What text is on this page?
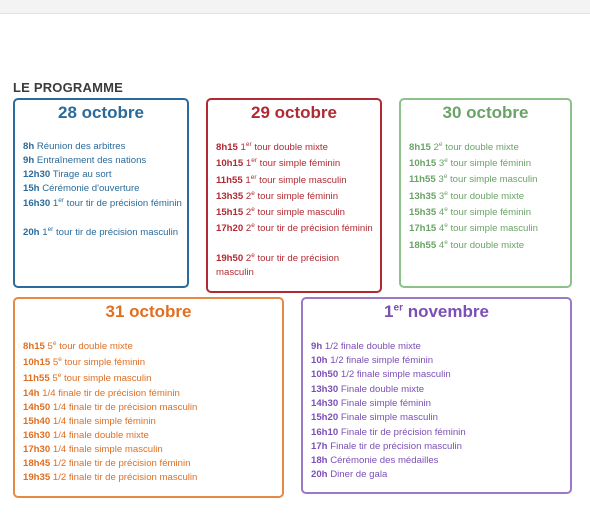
LE PROGRAMME
28 octobre
8h Réunion des arbitres
9h Entraînement des nations
12h30 Tirage au sort
15h Cérémonie d'ouverture
16h30 1er tour tir de précision féminin
20h 1er tour tir de précision masculin
29 octobre
8h15 1er tour double mixte
10h15 1er tour simple féminin
11h55 1er tour simple masculin
13h35 2e tour simple féminin
15h15 2e tour simple masculin
17h20 2e tour tir de précision féminin
19h50 2e tour tir de précision masculin
30 octobre
8h15 2e tour double mixte
10h15 3e tour simple féminin
11h55 3e tour simple masculin
13h35 3e tour double mixte
15h35 4e tour simple féminin
17h15 4e tour simple masculin
18h55 4e tour double mixte
31 octobre
8h15 5e tour double mixte
10h15 5e tour simple féminin
11h55 5e tour simple masculin
14h 1/4 finale tir de précision féminin
14h50 1/4 finale tir de précision masculin
15h40 1/4 finale simple féminin
16h30 1/4 finale double mixte
17h30 1/4 finale simple masculin
18h45 1/2 finale tir de précision féminin
19h35 1/2 finale tir de précision masculin
1er novembre
9h 1/2 finale double mixte
10h 1/2 finale simple féminin
10h50 1/2 finale simple masculin
13h30 Finale double mixte
14h30 Finale simple féminin
15h20 Finale simple masculin
16h10 Finale tir de précision féminin
17h Finale tir de précision masculin
18h Cérémonie des médailles
20h Diner de gala
